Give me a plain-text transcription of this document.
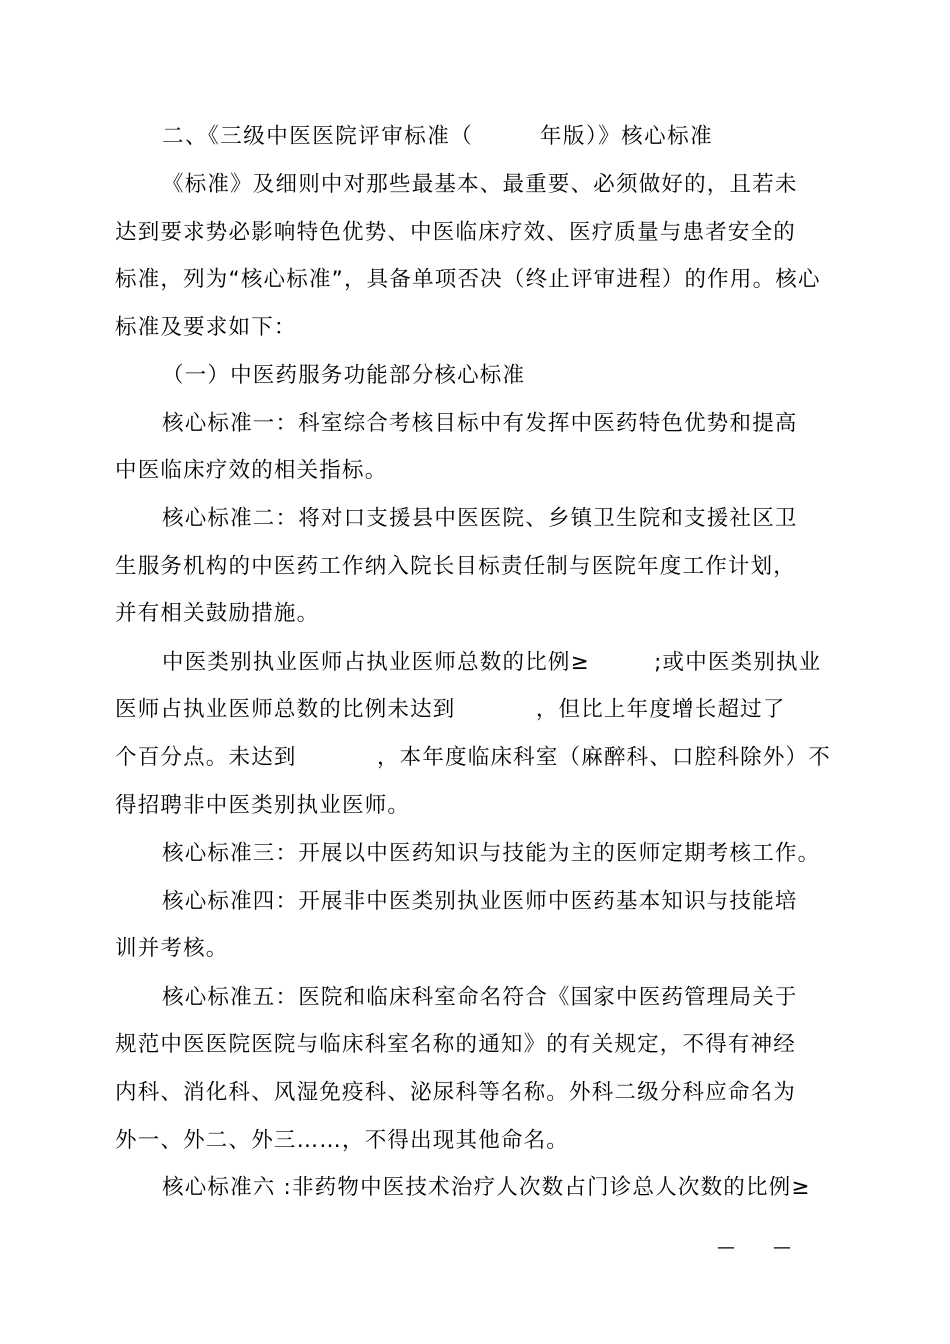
二、《三级中医医院评审标准（        年版）》核心标准
《标准》及细则中对那些最基本、最重要、必须做好的，且若未
达到要求势必影响特色优势、中医临床疗效、医疗质量与患者安全的
标准，列为“核心标准”，具备单项否决（终止评审进程）的作用。核心
标准及要求如下：
（一）中医药服务功能部分核心标准
核心标准一：科室综合考核目标中有发挥中医药特色优势和提高
中医临床疗效的相关指标。
核心标准二：将对口支援县中医医院、乡镇卫生院和支援社区卫
生服务机构的中医药工作纳入院长目标责任制与医院年度工作计划，
并有相关鼓励措施。
中医类别执业医师占执业医师总数的比例≥        ;或中医类别执业
医师占执业医师总数的比例未达到          ，但比上年度增长超过了
个百分点。未达到          ，本年度临床科室（麻醉科、口腔科除外）不
得招聘非中医类别执业医师。
核心标准三：开展以中医药知识与技能为主的医师定期考核工作。
核心标准四：开展非中医类别执业医师中医药基本知识与技能培
训并考核。
核心标准五：医院和临床科室命名符合《国家中医药管理局关于
规范中医医院医院与临床科室名称的通知》的有关规定，不得有神经
内科、消化科、风湿免疫科、泌尿科等名称。外科二级分科应命名为
外一、外二、外三……，不得出现其他命名。
核心标准六 :非药物中医技术治疗人次数占门诊总人次数的比例≥
— —
